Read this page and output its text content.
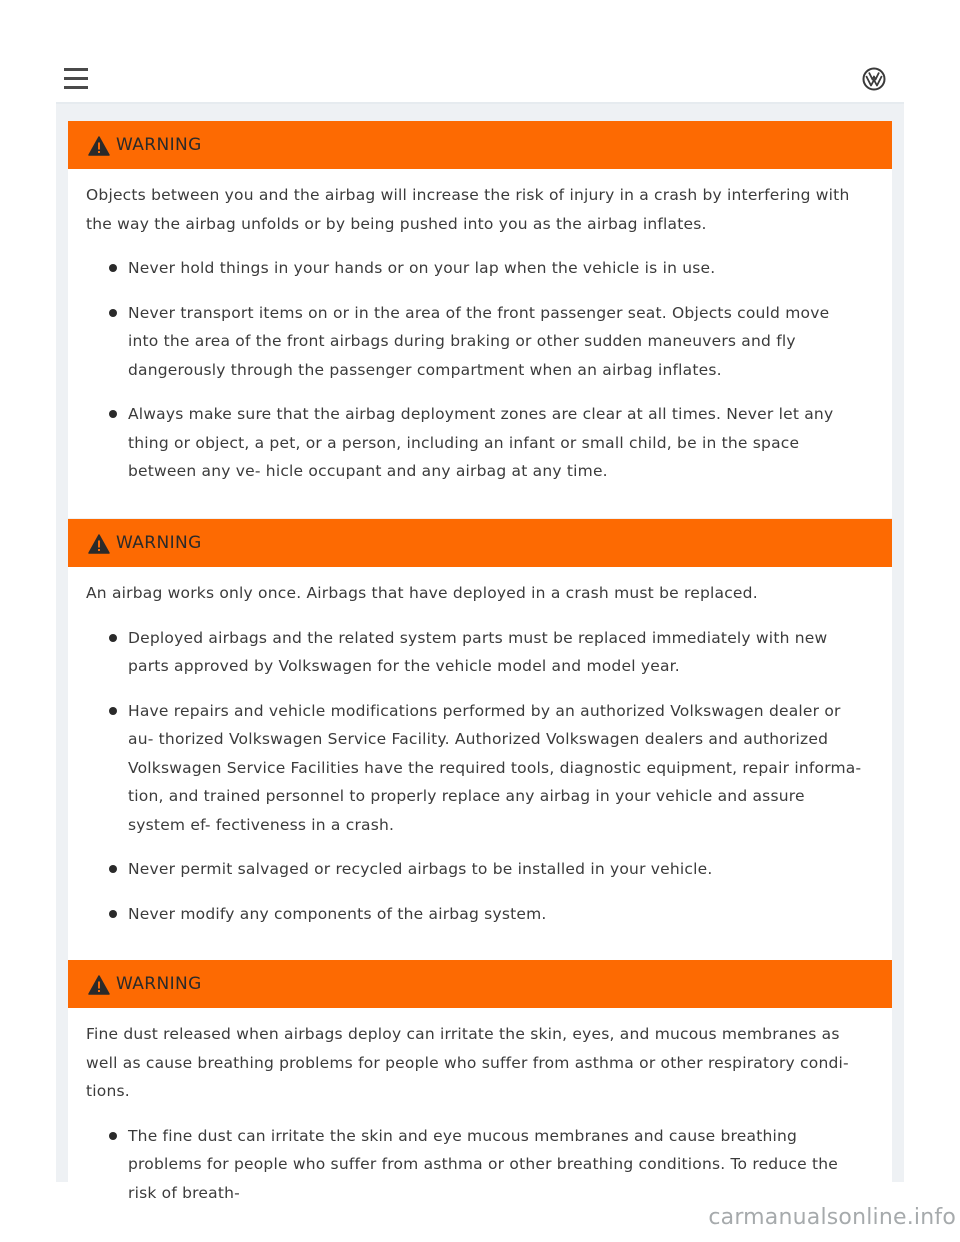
WARNING

Objects between you and the airbag will increase the risk of injury in a crash by interfering with the way the airbag unfolds or by being pushed into you as the airbag inflates.

Never hold things in your hands or on your lap when the vehicle is in use.
Never transport items on or in the area of the front passenger seat. Objects could move into the area of the front airbags during braking or other sudden maneuvers and fly dangerously through the passenger compartment when an airbag inflates.
Always make sure that the airbag deployment zones are clear at all times. Never let any thing or object, a pet, or a person, including an infant or small child, be in the space between any ve- hicle occupant and any airbag at any time.
WARNING

An airbag works only once. Airbags that have deployed in a crash must be replaced.

Deployed airbags and the related system parts must be replaced immediately with new parts approved by Volkswagen for the vehicle model and model year.
Have repairs and vehicle modifications performed by an authorized Volkswagen dealer or au- thorized Volkswagen Service Facility. Authorized Volkswagen dealers and authorized Volkswagen Service Facilities have the required tools, diagnostic equipment, repair informa- tion, and trained personnel to properly replace any airbag in your vehicle and assure system ef- fectiveness in a crash.
Never permit salvaged or recycled airbags to be installed in your vehicle.
Never modify any components of the airbag system.
WARNING

Fine dust released when airbags deploy can irritate the skin, eyes, and mucous membranes as well as cause breathing problems for people who suffer from asthma or other respiratory condi- tions.

The fine dust can irritate the skin and eye mucous membranes and cause breathing problems for people who suffer from asthma or other breathing conditions. To reduce the risk of breath-
carmanualsonline.info
